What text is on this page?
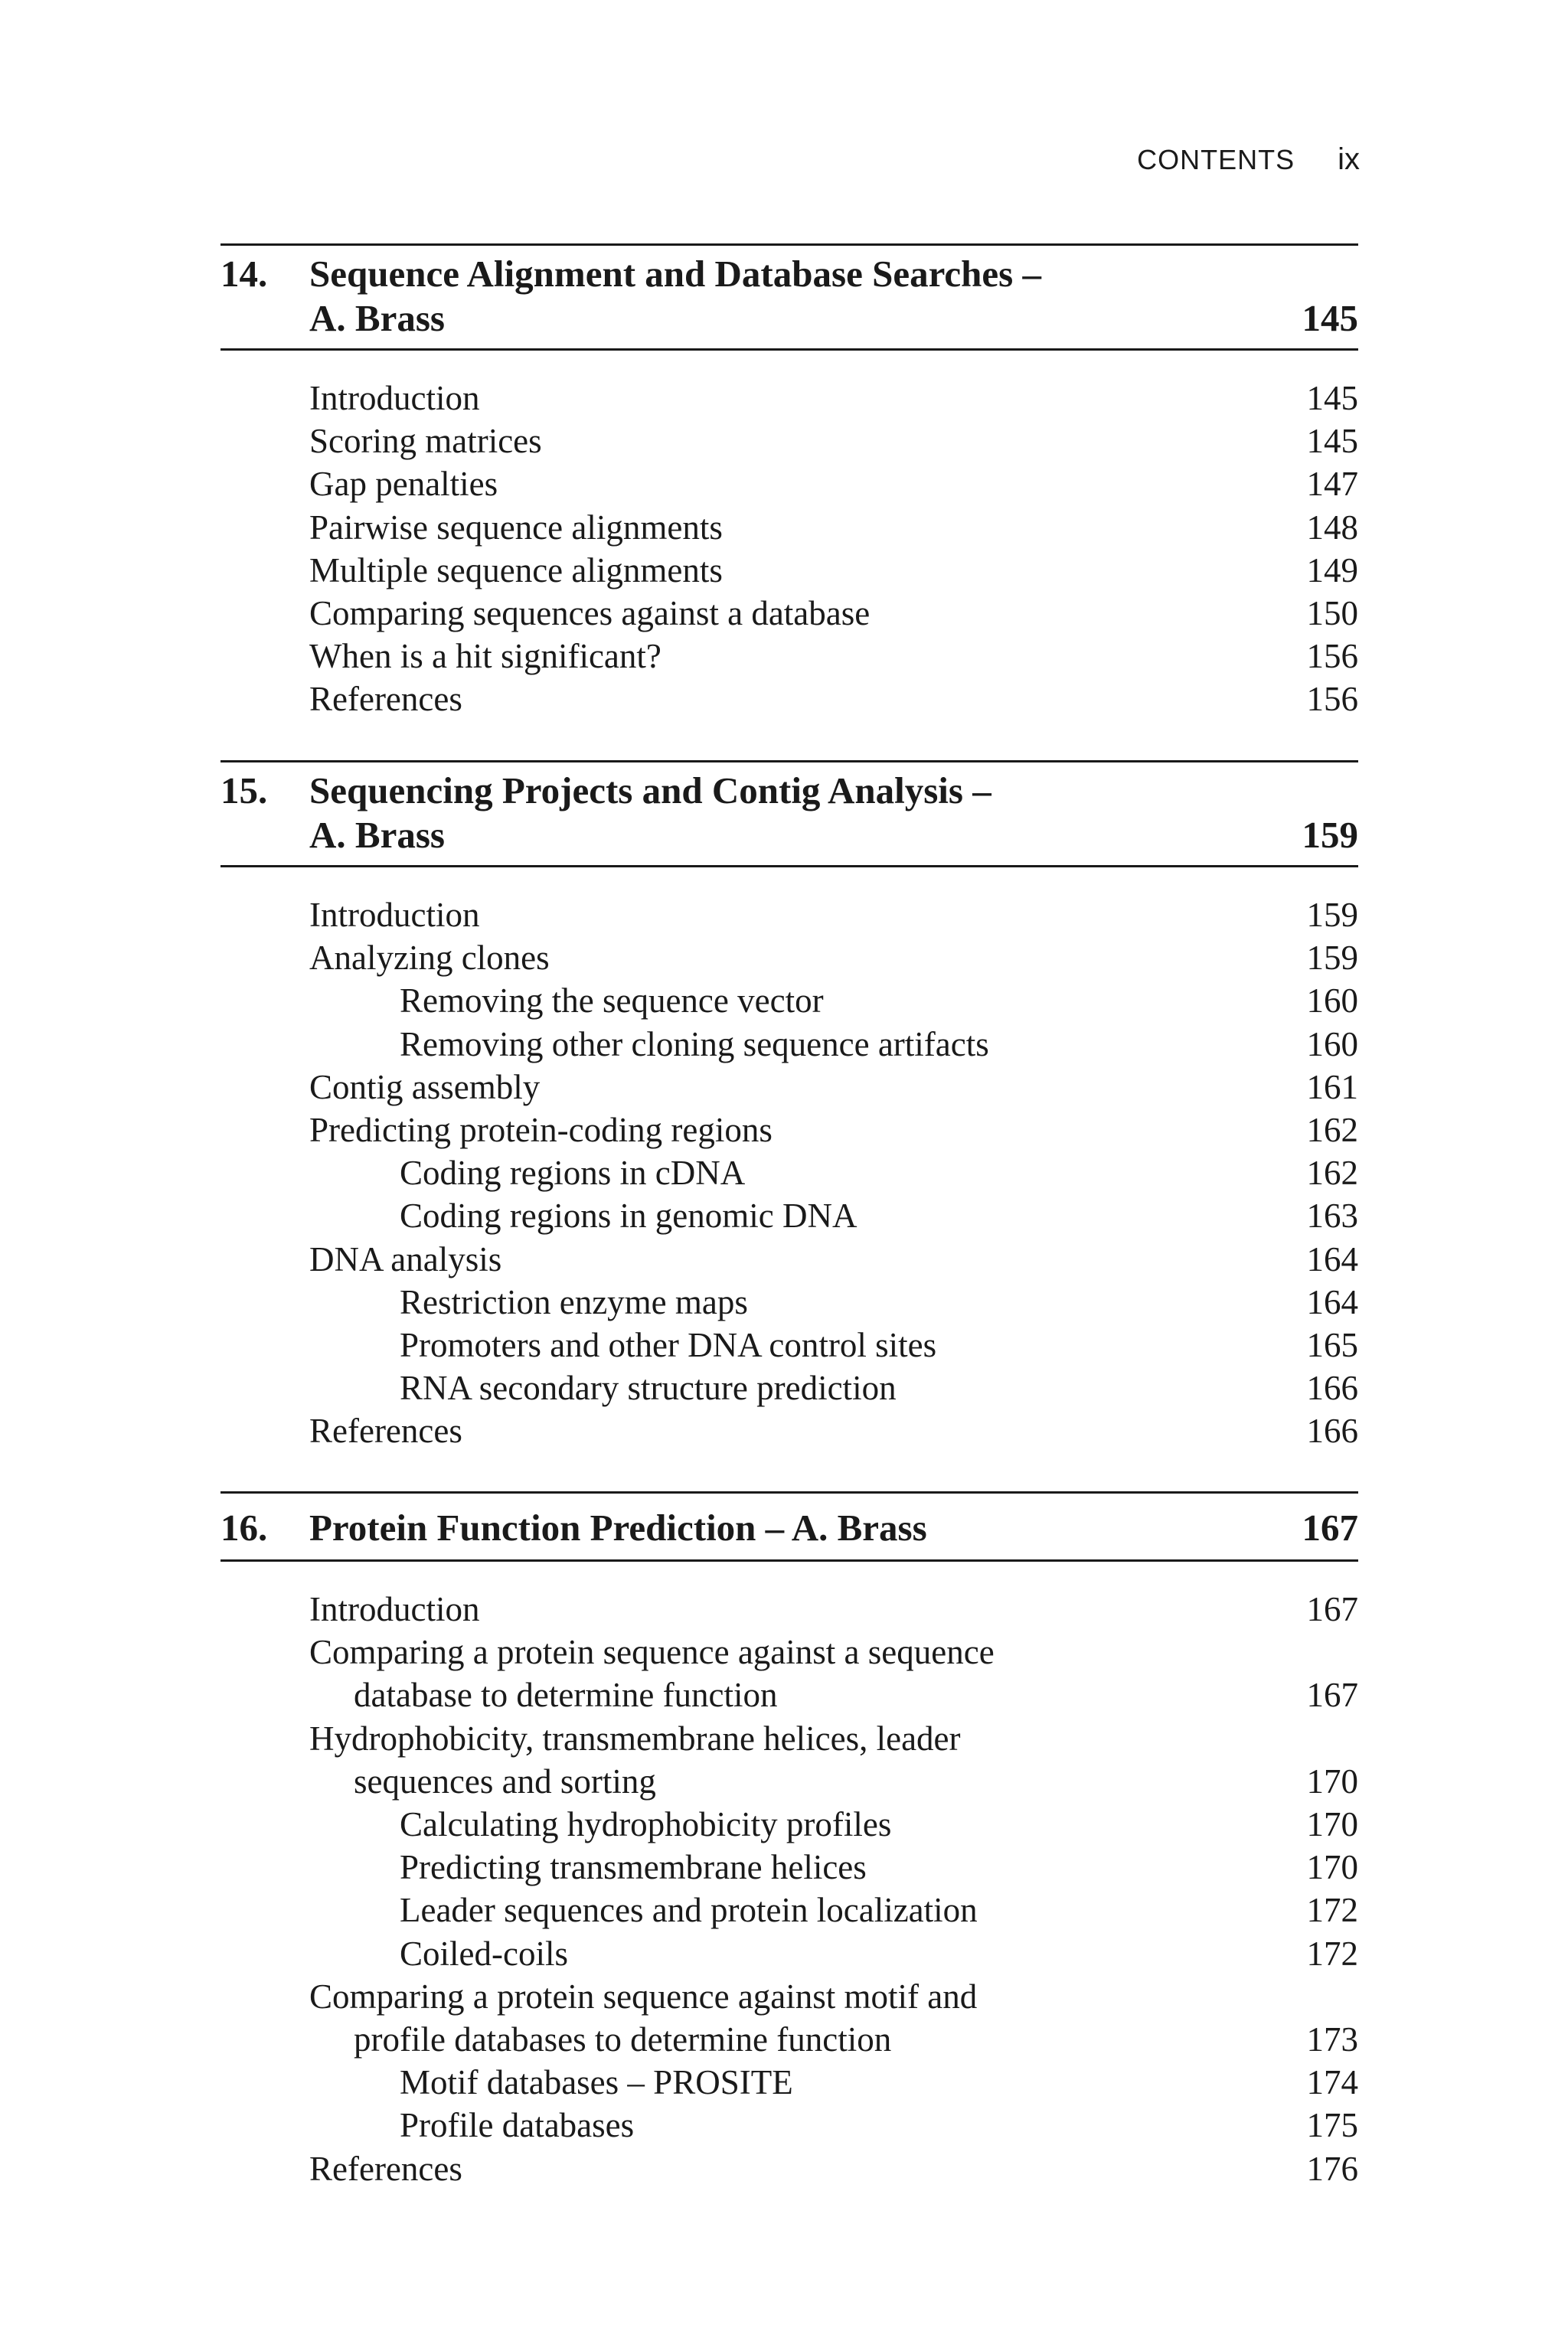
CONTENTS ix
14. Sequence Alignment and Database Searches –
A. Brass	145
Introduction	145
Scoring matrices	145
Gap penalties	147
Pairwise sequence alignments	148
Multiple sequence alignments	149
Comparing sequences against a database	150
When is a hit significant?	156
References	156
15. Sequencing Projects and Contig Analysis –
A. Brass	159
Introduction	159
Analyzing clones	159
Removing the sequence vector	160
Removing other cloning sequence artifacts	160
Contig assembly	161
Predicting protein-coding regions	162
Coding regions in cDNA	162
Coding regions in genomic DNA	163
DNA analysis	164
Restriction enzyme maps	164
Promoters and other DNA control sites	165
RNA secondary structure prediction	166
References	166
16. Protein Function Prediction – A. Brass	167
Introduction	167
Comparing a protein sequence against a sequence database to determine function	167
Hydrophobicity, transmembrane helices, leader sequences and sorting	170
Calculating hydrophobicity profiles	170
Predicting transmembrane helices	170
Leader sequences and protein localization	172
Coiled-coils	172
Comparing a protein sequence against motif and profile databases to determine function	173
Motif databases – PROSITE	174
Profile databases	175
References	176
